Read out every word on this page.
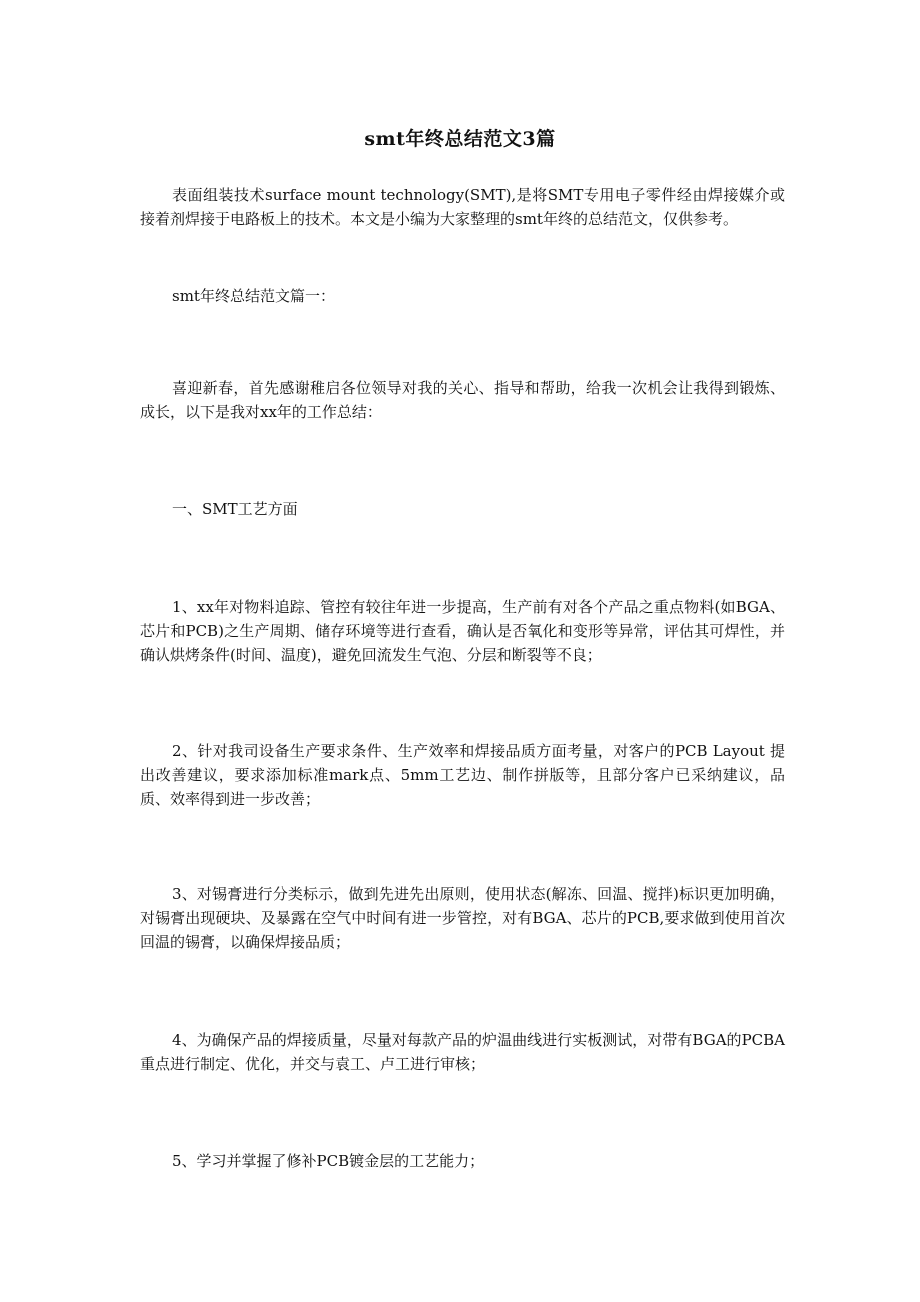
smt年终总结范文3篇

表面组装技术surface mount technology(SMT),是将SMT专用电子零件经由焊接媒介或接着剂焊接于电路板上的技术。本文是小编为大家整理的smt年终的总结范文，仅供参考。

smt年终总结范文篇一：

喜迎新春，首先感谢稚启各位领导对我的关心、指导和帮助，给我一次机会让我得到锻炼、成长，以下是我对xx年的工作总结：

一、SMT工艺方面

1、xx年对物料追踪、管控有较往年进一步提高，生产前有对各个产品之重点物料(如BGA、芯片和PCB)之生产周期、储存环境等进行查看，确认是否氧化和变形等异常，评估其可焊性，并确认烘烤条件(时间、温度)，避免回流发生气泡、分层和断裂等不良；

2、针对我司设备生产要求条件、生产效率和焊接品质方面考量，对客户的PCB Layout 提出改善建议，要求添加标准mark点、5mm工艺边、制作拼版等，且部分客户已采纳建议，品质、效率得到进一步改善；

3、对锡膏进行分类标示，做到先进先出原则，使用状态(解冻、回温、搅拌)标识更加明确，对锡膏出现硬块、及暴露在空气中时间有进一步管控，对有BGA、芯片的PCB,要求做到使用首次回温的锡膏，以确保焊接品质；

4、为确保产品的焊接质量，尽量对每款产品的炉温曲线进行实板测试，对带有BGA的PCBA重点进行制定、优化，并交与袁工、卢工进行审核；

5、学习并掌握了修补PCB镀金层的工艺能力；
